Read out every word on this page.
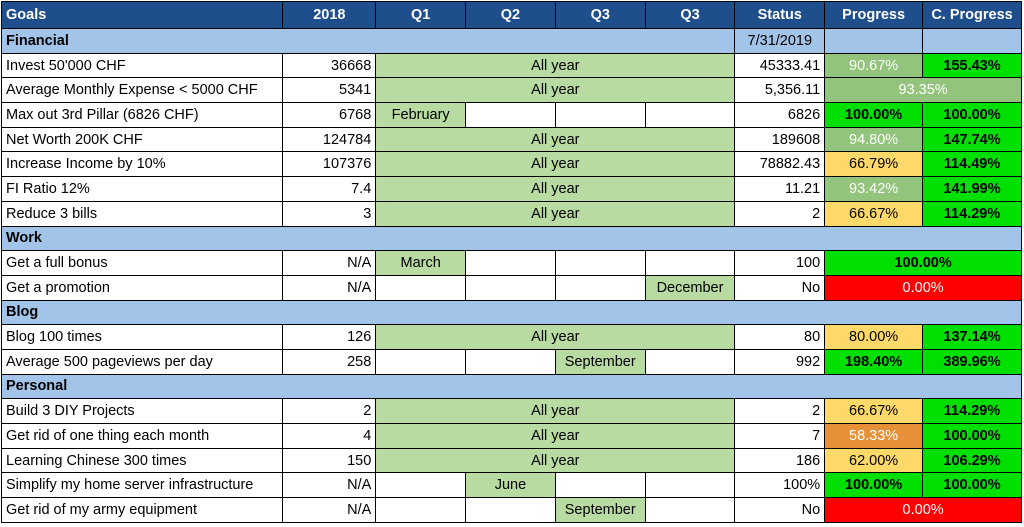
Goals	2018	Q1	Q2	Q3	Q3	Status	Progress	C. Progress
Financial						7/31/2019		
Invest 50'000 CHF	36668	All year				45333.41	90.67%	155.43%
Average Monthly Expense < 5000 CHF	5341	All year				5,356.11	93.35%	
Max out 3rd Pillar (6826 CHF)	6768	February				6826	100.00%	100.00%
Net Worth 200K CHF	124784	All year				189608	94.80%	147.74%
Increase Income by 10%	107376	All year				78882.43	66.79%	114.49%
FI Ratio 12%	7.4	All year				11.21	93.42%	141.99%
Reduce 3 bills	3	All year				2	66.67%	114.29%
Work								
Get a full bonus	N/A	March				100	100.00%	
Get a promotion	N/A				December	No	0.00%	
Blog								
Blog 100 times	126	All year				80	80.00%	137.14%
Average 500 pageviews per day	258			September		992	198.40%	389.96%
Personal								
Build 3 DIY Projects	2	All year				2	66.67%	114.29%
Get rid of one thing each month	4	All year				7	58.33%	100.00%
Learning Chinese 300 times	150	All year				186	62.00%	106.29%
Simplify my home server infrastructure	N/A		June			100%	100.00%	100.00%
Get rid of my army equipment	N/A			September		No	0.00%	
